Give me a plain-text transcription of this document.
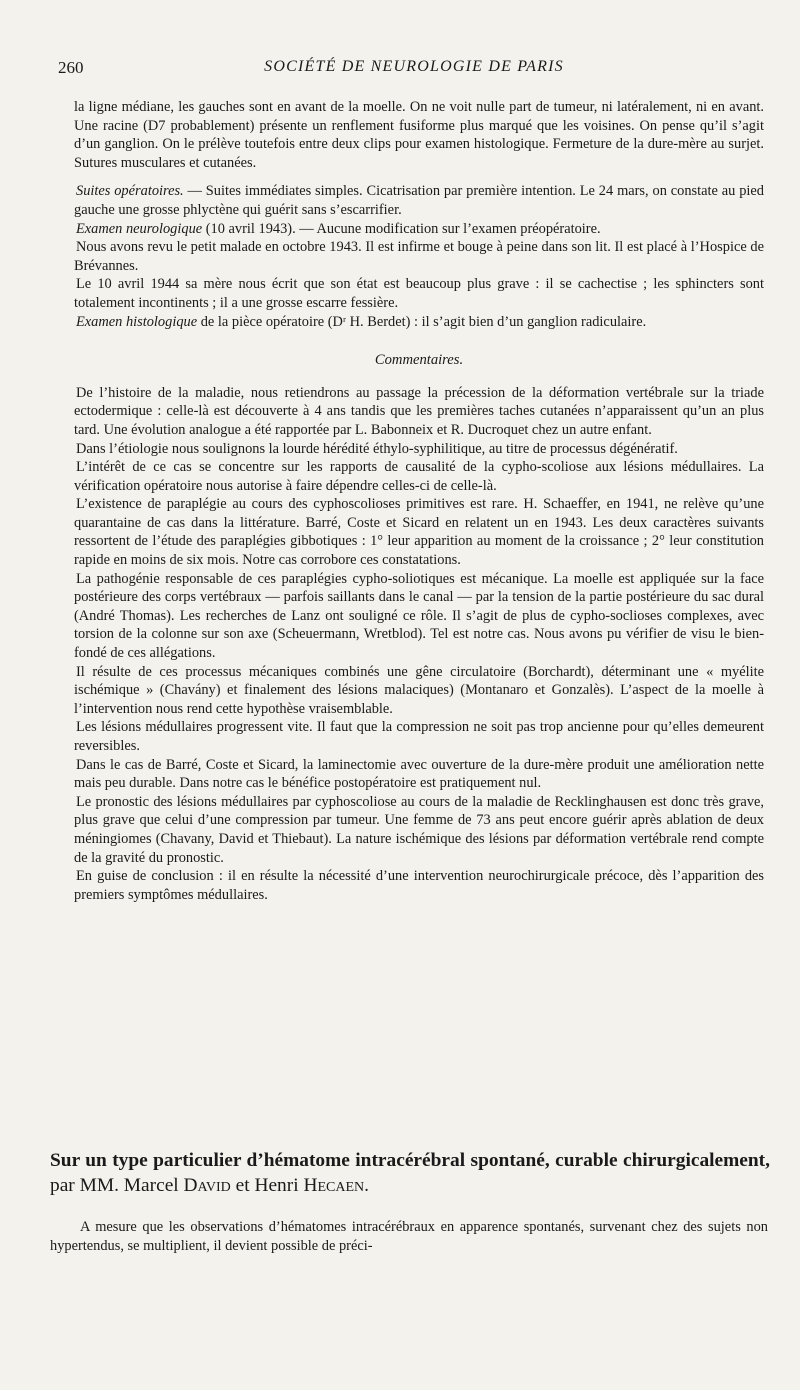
260	SOCIÉTÉ DE NEUROLOGIE DE PARIS

la ligne médiane, les gauches sont en avant de la moelle. On ne voit nulle part de tumeur, ni latéralement, ni en avant. Une racine (D7 probablement) présente un renflement fusiforme plus marqué que les voisines. On pense qu’il s’agit d’un ganglion. On le prélève toutefois entre deux clips pour examen histologique. Fermeture de la dure-mère au surjet. Sutures musculares et cutanées.

Suites opératoires. — Suites immédiates simples. Cicatrisation par première intention. Le 24 mars, on constate au pied gauche une grosse phlyctène qui guérit sans s’escarrifier.

Examen neurologique (10 avril 1943). — Aucune modification sur l’examen préopératoire.

Nous avons revu le petit malade en octobre 1943. Il est infirme et bouge à peine dans son lit. Il est placé à l’Hospice de Brévannes.

Le 10 avril 1944 sa mère nous écrit que son état est beaucoup plus grave : il se cachectise ; les sphincters sont totalement incontinents ; il a une grosse escarre fessière.

Examen histologique de la pièce opératoire (Dʳ H. Berdet) : il s’agit bien d’un ganglion radiculaire.

Commentaires.

De l’histoire de la maladie, nous retiendrons au passage la précession de la déformation vertébrale sur la triade ectodermique : celle-là est découverte à 4 ans tandis que les premières taches cutanées n’apparaissent qu’un an plus tard. Une évolution analogue a été rapportée par L. Babonneix et R. Ducroquet chez un autre enfant.

Dans l’étiologie nous soulignons la lourde hérédité éthylo-syphilitique, au titre de processus dégénératif.

L’intérêt de ce cas se concentre sur les rapports de causalité de la cypho-scoliose aux lésions médullaires. La vérification opératoire nous autorise à faire dépendre celles-ci de celle-là.

L’existence de paraplégie au cours des cyphoscolioses primitives est rare. H. Schaeffer, en 1941, ne relève qu’une quarantaine de cas dans la littérature. Barré, Coste et Sicard en relatent un en 1943. Les deux caractères suivants ressortent de l’étude des paraplégies gibbotiques : 1° leur apparition au moment de la croissance ; 2° leur constitution rapide en moins de six mois. Notre cas corrobore ces constatations.

La pathogénie responsable de ces paraplégies cypho-soliotiques est mécanique. La moelle est appliquée sur la face postérieure des corps vertébraux — parfois saillants dans le canal — par la tension de la partie postérieure du sac dural (André Thomas). Les recherches de Lanz ont souligné ce rôle. Il s’agit de plus de cypho-soclioses complexes, avec torsion de la colonne sur son axe (Scheuermann, Wretblod). Tel est notre cas. Nous avons pu vérifier de visu le bien-fondé de ces allégations.

Il résulte de ces processus mécaniques combinés une gêne circulatoire (Borchardt), déterminant une « myélite ischémique » (Chavány) et finalement des lésions malaciques) (Montanaro et Gonzalès). L’aspect de la moelle à l’intervention nous rend cette hypothèse vraisemblable.

Les lésions médullaires progressent vite. Il faut que la compression ne soit pas trop ancienne pour qu’elles demeurent reversibles.

Dans le cas de Barré, Coste et Sicard, la laminectomie avec ouverture de la dure-mère produit une amélioration nette mais peu durable. Dans notre cas le bénéfice postopératoire est pratiquement nul.

Le pronostic des lésions médullaires par cyphoscoliose au cours de la maladie de Recklinghausen est donc très grave, plus grave que celui d’une compression par tumeur. Une femme de 73 ans peut encore guérir après ablation de deux méningiomes (Chavany, David et Thiebaut). La nature ischémique des lésions par déformation vertébrale rend compte de la gravité du pronostic.

En guise de conclusion : il en résulte la nécessité d’une intervention neurochirurgicale précoce, dès l’apparition des premiers symptômes médullaires.

Sur un type particulier d’hématome intracérébral spontané, curable chirurgicalement, par MM. Marcel David et Henri Hecaen.

A mesure que les observations d’hématomes intracérébraux en apparence spontanés, survenant chez des sujets non hypertendus, se multiplient, il devient possible de préci-
